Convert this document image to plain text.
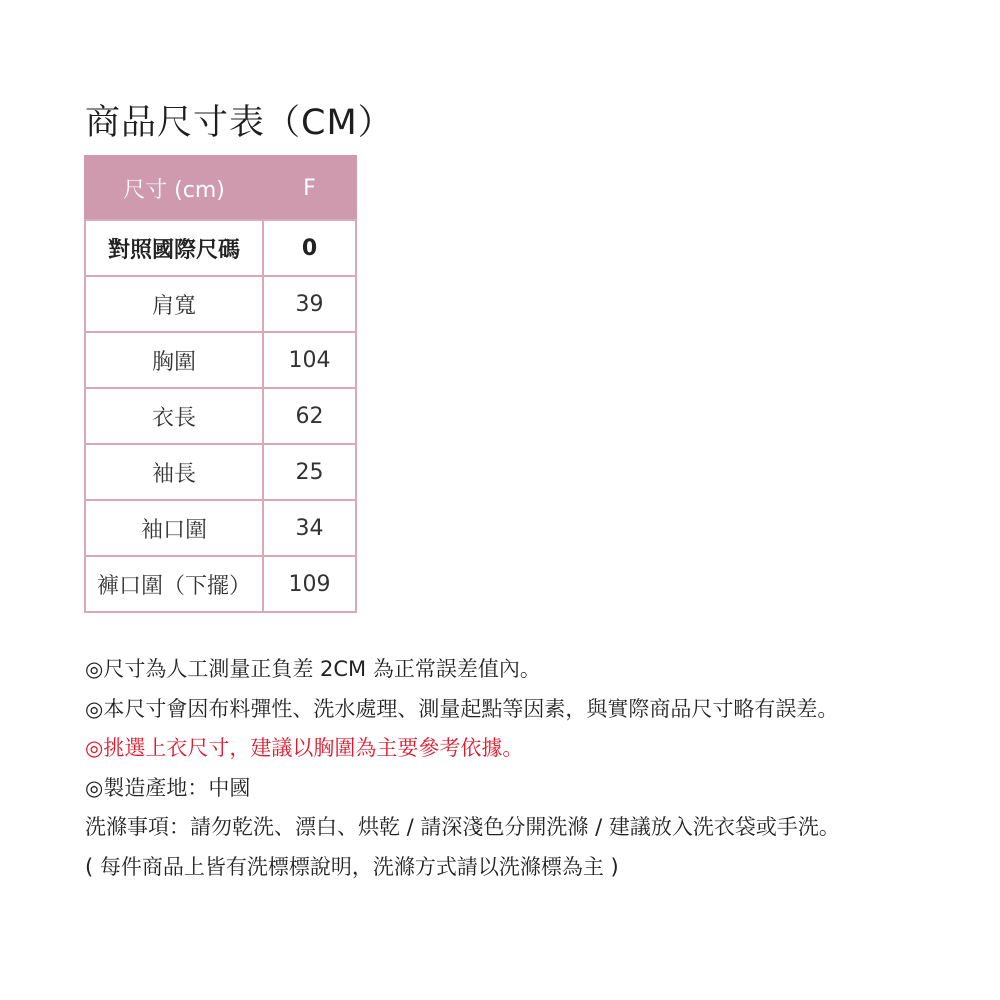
商品尺寸表（CM）
尺寸 (cm)	F
對照國際尺碼	0
肩寬	39
胸圍	104
衣長	62
袖長	25
袖口圍	34
褲口圍（下擺）	109
◎尺寸為人工測量正負差 2CM 為正常誤差值內。
◎本尺寸會因布料彈性、洗水處理、測量起點等因素，與實際商品尺寸略有誤差。
◎挑選上衣尺寸，建議以胸圍為主要參考依據。
◎製造產地：中國
洗滌事項：請勿乾洗、漂白、烘乾 / 請深淺色分開洗滌 / 建議放入洗衣袋或手洗。
( 每件商品上皆有洗標標說明，洗滌方式請以洗滌標為主 )
